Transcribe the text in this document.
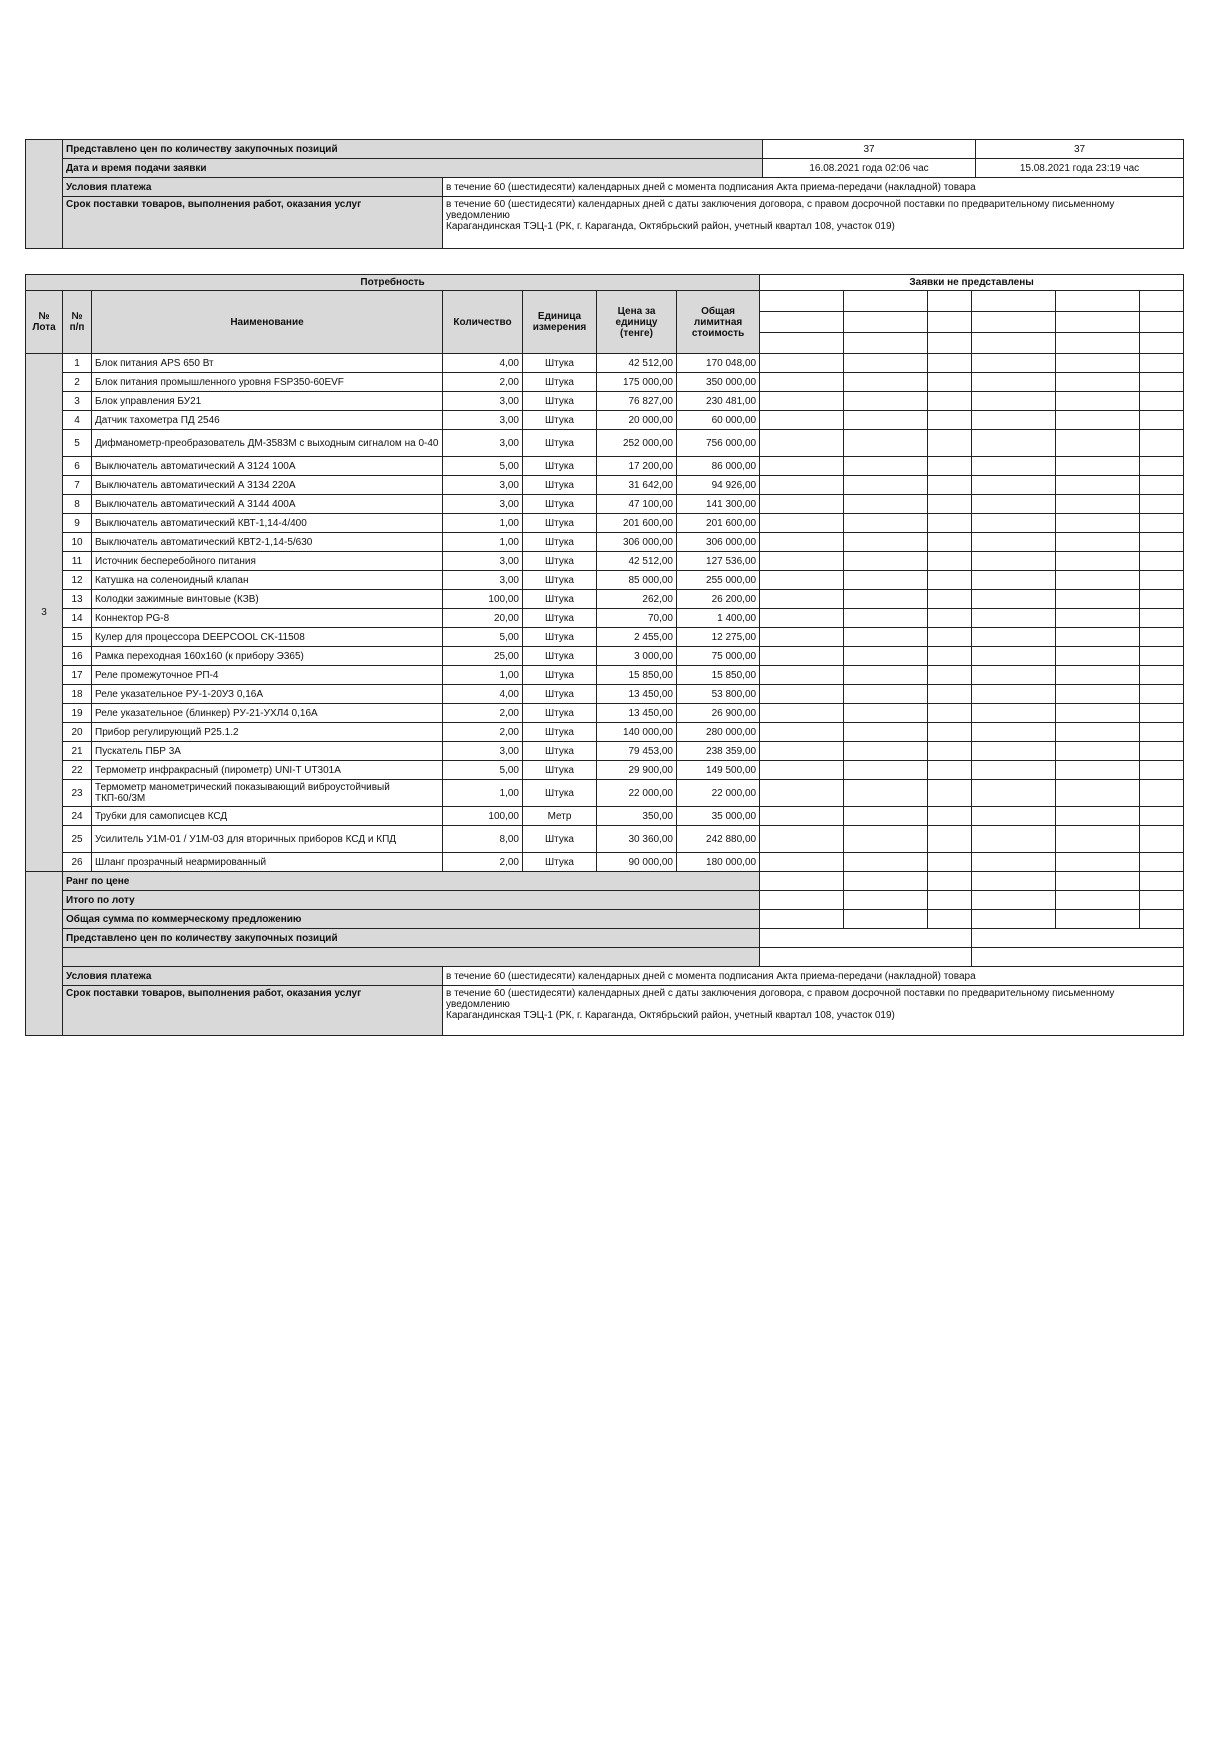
	Представлено цен по количеству закупочных позиций		37	37
	Дата и время подачи заявки		16.08.2021 года 02:06 час	15.08.2021 года 23:19 час
	Условия платежа	в течение 60 (шестидесяти) календарных дней с момента подписания Акта приема-передачи (накладной) товара		
	Срок поставки товаров, выполнения работ, оказания услуг	в течение 60 (шестидесяти) календарных дней с даты заключения договора, с правом досрочной поставки по предварительному письменному уведомлению
Карагандинская ТЭЦ-1 (РК, г. Караганда, Октябрьский район, учетный квартал 108, участок 019)		
Потребность							Заявки не представлены					
№ Лота	№ п/п	Наименование	Количество	Единица измерения	Цена за единицу (тенге)	Общая лимитная стоимость						

3	1	Блок питания APS 650 Вт	4,00	Штука	42 512,00	170 048,00						
	2	Блок питания промышленного уровня FSP350-60EVF	2,00	Штука	175 000,00	350 000,00						
	3	Блок управления БУ21	3,00	Штука	76 827,00	230 481,00						
	4	Датчик тахометра ПД 2546	3,00	Штука	20 000,00	60 000,00						
	5	Дифманометр-преобразователь ДМ-3583М с выходным сигналом на 0-40	3,00	Штука	252 000,00	756 000,00						
	6	Выключатель автоматический А 3124 100А	5,00	Штука	17 200,00	86 000,00						
	7	Выключатель автоматический А 3134 220А	3,00	Штука	31 642,00	94 926,00						
	8	Выключатель автоматический А 3144 400А	3,00	Штука	47 100,00	141 300,00						
	9	Выключатель автоматический КВТ-1,14-4/400	1,00	Штука	201 600,00	201 600,00						
	10	Выключатель автоматический КВТ2-1,14-5/630	1,00	Штука	306 000,00	306 000,00						
	11	Источник бесперебойного питания	3,00	Штука	42 512,00	127 536,00						
	12	Катушка на соленоидный клапан	3,00	Штука	85 000,00	255 000,00						
	13	Колодки зажимные винтовые (КЗВ)	100,00	Штука	262,00	26 200,00						
	14	Коннектор PG-8	20,00	Штука	70,00	1 400,00						
	15	Кулер для процессора DEEPCOOL CK-11508	5,00	Штука	2 455,00	12 275,00						
	16	Рамка переходная 160х160 (к прибору Э365)	25,00	Штука	3 000,00	75 000,00						
	17	Реле промежуточное РП-4	1,00	Штука	15 850,00	15 850,00						
	18	Реле указательное РУ-1-20УЗ 0,16А	4,00	Штука	13 450,00	53 800,00						
	19	Реле указательное (блинкер) РУ-21-УХЛ4 0,16А	2,00	Штука	13 450,00	26 900,00						
	20	Прибор регулирующий Р25.1.2	2,00	Штука	140 000,00	280 000,00						
	21	Пускатель ПБР 3А	3,00	Штука	79 453,00	238 359,00						
	22	Термометр инфракрасный (пирометр) UNI-T UT301A	5,00	Штука	29 900,00	149 500,00						
	23	Термометр манометрический показывающий виброустойчивый ТКП-60/3М	1,00	Штука	22 000,00	22 000,00						
	24	Трубки для самописцев КСД	100,00	Метр	350,00	35 000,00						
	25	Усилитель У1М-01 / У1М-03 для вторичных приборов КСД и КПД	8,00	Штука	30 360,00	242 880,00						
	26	Шланг прозрачный неармированный	2,00	Штука	90 000,00	180 000,00						
	Ранг по цене											
	Итого по лоту											
	Общая сумма по коммерческому предложению											
	Представлено цен по количеству закупочных позиций											

	Условия платежа		в течение 60 (шестидесяти) календарных дней с момента подписания Акта приема-передачи (накладной) товара									
	Срок поставки товаров, выполнения работ, оказания услуг		в течение 60 (шестидесяти) календарных дней с даты заключения договора, с правом досрочной поставки по предварительному письменному уведомлению
Карагандинская ТЭЦ-1 (РК, г. Караганда, Октябрьский район, учетный квартал 108, участок 019)									
